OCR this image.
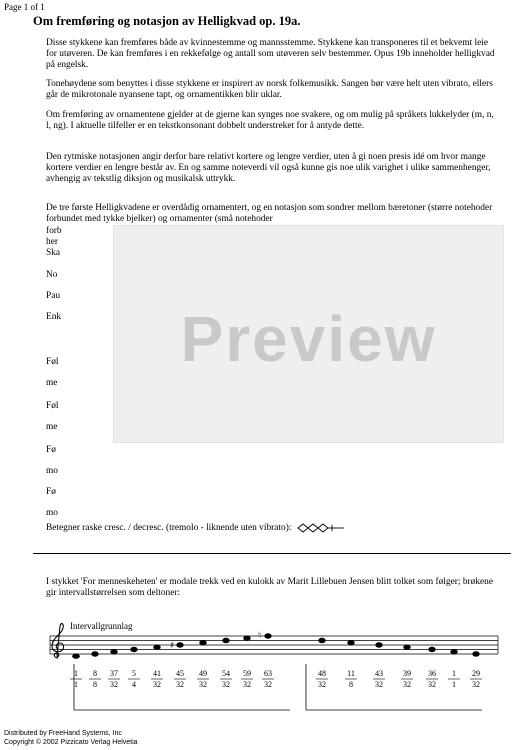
Page 1 of 1
Om fremføring og notasjon av Helligkvad op. 19a.

Disse stykkene kan fremføres både av kvinnestemme og mannsstemme. Stykkene kan transponeres til et bekvemt leie for utøveren. De kan fremføres i en rekkefølge og antall som utøveren selv bestemmer. Opus 19b inneholder helligkvad på engelsk.

Tonehøydene som benyttes i disse stykkene er inspirert av norsk folkemusikk. Sangen bør være helt uten vibrato, ellers går de mikrotonale nyansene tapt, og ornamentikken blir uklar.

Om fremføring av ornamentene gjelder at de gjerne kan synges noe svakere, og om mulig på språkets lukkelyder (m, n, l, ng). I aktuelle tilfeller er en tekstkonsonant dobbelt understreket for å antyde dette.

Den rytmiske notasjonen angir derfor bare relativt kortere og lengre verdier, uten å gi noen presis idé om hvor mange kortere verdier en lengre består av. En og samme noteverdi vil også kunne gis noe ulik varighet i ulike sammenhenger, avhengig av tekstlig diksjon og musikalsk uttrykk.

De tre første Helligkvadene er overdådig ornamentert, og en notasjon som sondrer mellom bæretoner (større notehoder forbundet med tykke bjelker) og ornamenter (små notehoder

forb
her
Ska
No
Pau
Enk
Føl
me
Føl
me
Fø
mo
Fø
mo
Betegner raske cresc. / decresc. (tremolo - liknende uten vibrato):
Preview

I stykket 'For menneskeheten' er modale trekk ved en kulokk av Marit Lillebuen Jensen blitt tolket som følger; brøkene gir intervallstørrelsen som deltoner:

Intervallgrunnlag
♯
♮
1
1
8
8
37
32
5
4
41
32
45
32
49
32
54
32
59
32
63
32
48
32
11
8
43
32
39
32
36
32
1
1
29
32
Distributed by FreeHand Systems, Inc
Copyright © 2002 Pizzicato Verlag Helvetia
